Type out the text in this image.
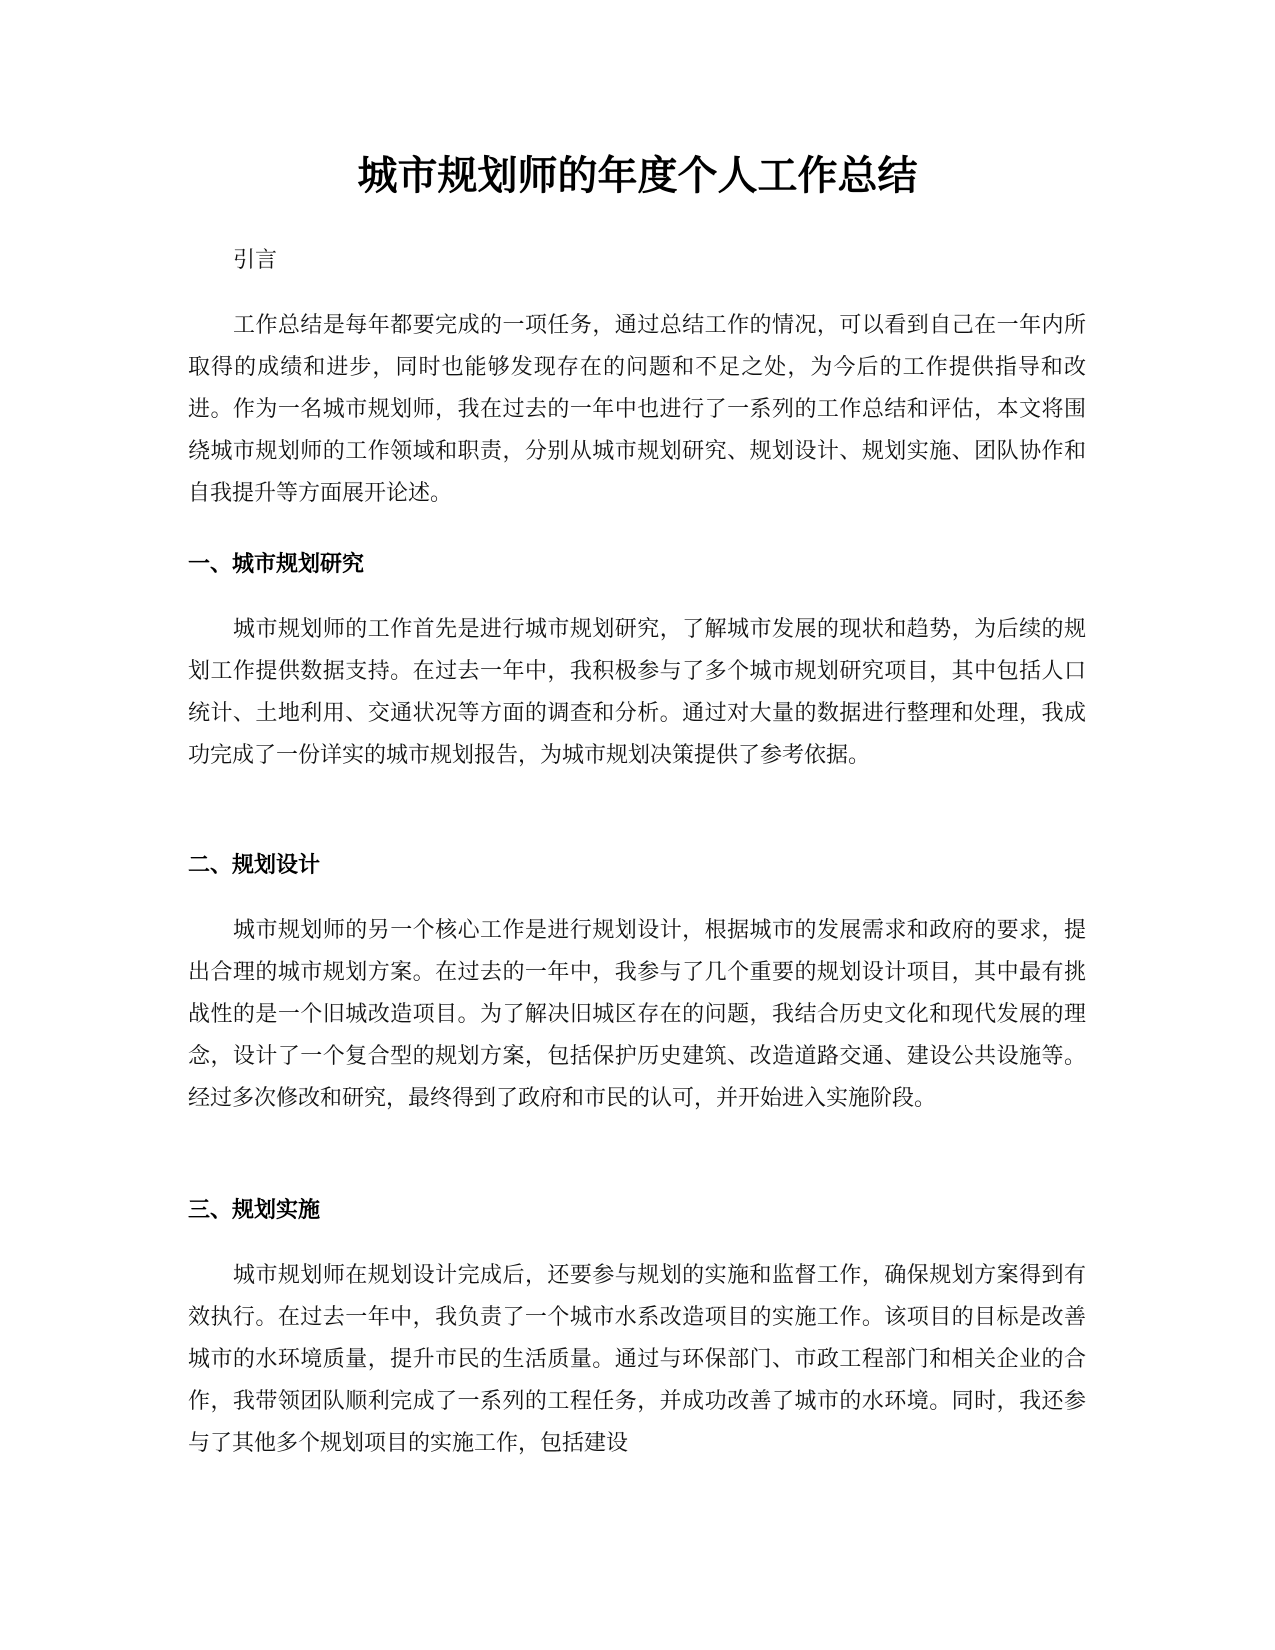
城市规划师的年度个人工作总结

引言

工作总结是每年都要完成的一项任务，通过总结工作的情况，可以看到自己在一年内所取得的成绩和进步，同时也能够发现存在的问题和不足之处，为今后的工作提供指导和改进。作为一名城市规划师，我在过去的一年中也进行了一系列的工作总结和评估，本文将围绕城市规划师的工作领域和职责，分别从城市规划研究、规划设计、规划实施、团队协作和自我提升等方面展开论述。

一、城市规划研究

城市规划师的工作首先是进行城市规划研究，了解城市发展的现状和趋势，为后续的规划工作提供数据支持。在过去一年中，我积极参与了多个城市规划研究项目，其中包括人口统计、土地利用、交通状况等方面的调查和分析。通过对大量的数据进行整理和处理，我成功完成了一份详实的城市规划报告，为城市规划决策提供了参考依据。

二、规划设计

城市规划师的另一个核心工作是进行规划设计，根据城市的发展需求和政府的要求，提出合理的城市规划方案。在过去的一年中，我参与了几个重要的规划设计项目，其中最有挑战性的是一个旧城改造项目。为了解决旧城区存在的问题，我结合历史文化和现代发展的理念，设计了一个复合型的规划方案，包括保护历史建筑、改造道路交通、建设公共设施等。经过多次修改和研究，最终得到了政府和市民的认可，并开始进入实施阶段。

三、规划实施

城市规划师在规划设计完成后，还要参与规划的实施和监督工作，确保规划方案得到有效执行。在过去一年中，我负责了一个城市水系改造项目的实施工作。该项目的目标是改善城市的水环境质量，提升市民的生活质量。通过与环保部门、市政工程部门和相关企业的合作，我带领团队顺利完成了一系列的工程任务，并成功改善了城市的水环境。同时，我还参与了其他多个规划项目的实施工作，包括建设
